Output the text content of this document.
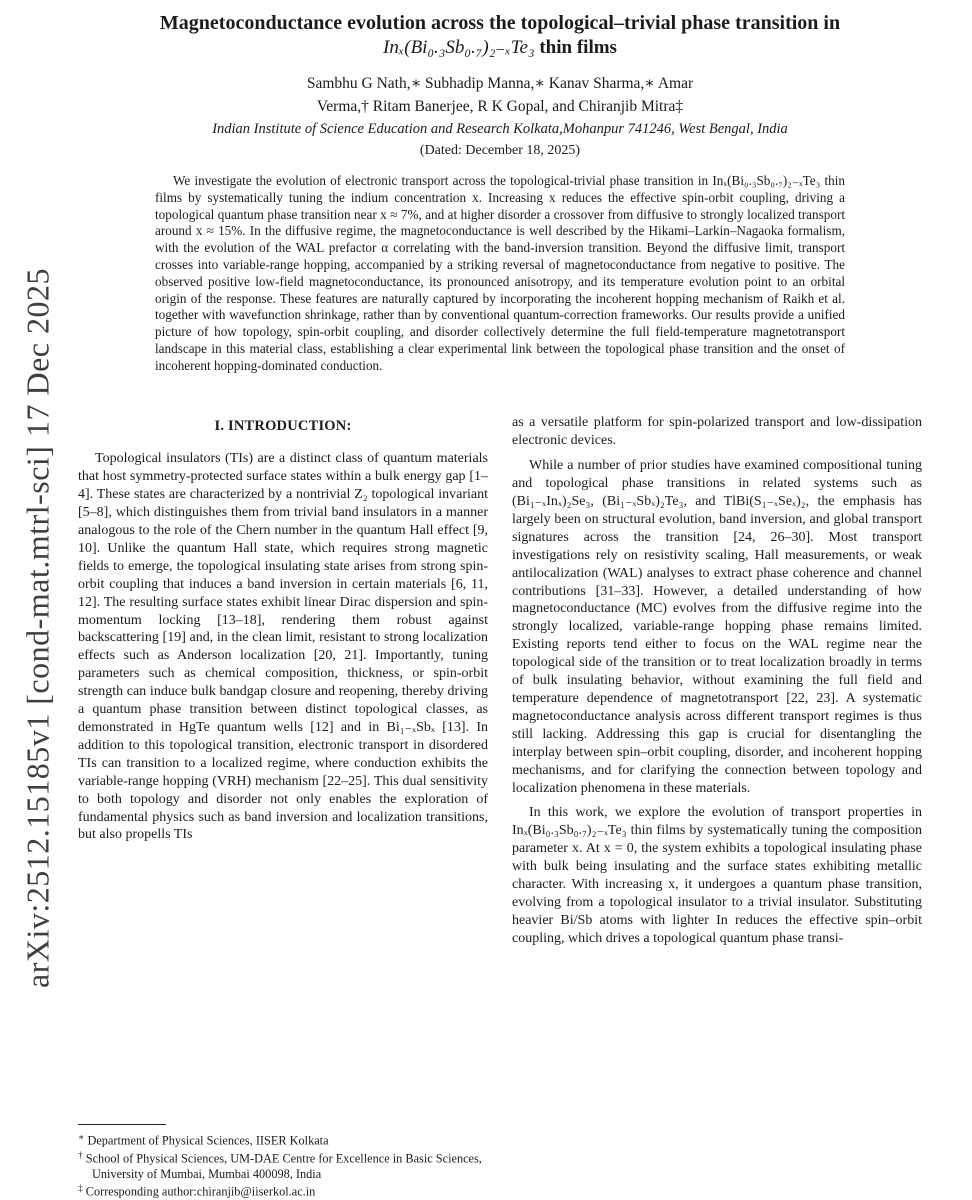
arXiv:2512.15185v1 [cond-mat.mtrl-sci] 17 Dec 2025
Magnetoconductance evolution across the topological–trivial phase transition in
Inₓ(Bi₀.₃Sb₀.₇)₂₋ₓTe₃ thin films
Sambhu G Nath,∗ Subhadip Manna,∗ Kanav Sharma,∗ Amar
Verma,† Ritam Banerjee, R K Gopal, and Chiranjib Mitra‡
Indian Institute of Science Education and Research Kolkata,Mohanpur 741246, West Bengal, India
(Dated: December 18, 2025)
We investigate the evolution of electronic transport across the topological-trivial phase transition in Inₓ(Bi₀.₃Sb₀.₇)₂₋ₓTe₃ thin films by systematically tuning the indium concentration x. Increasing x reduces the effective spin-orbit coupling, driving a topological quantum phase transition near x ≈ 7%, and at higher disorder a crossover from diffusive to strongly localized transport around x ≈ 15%. In the diffusive regime, the magnetoconductance is well described by the Hikami–Larkin–Nagaoka formalism, with the evolution of the WAL prefactor α correlating with the band-inversion transition. Beyond the diffusive limit, transport crosses into variable-range hopping, accompanied by a striking reversal of magnetoconductance from negative to positive. The observed positive low-field magnetoconductance, its pronounced anisotropy, and its temperature evolution point to an orbital origin of the response. These features are naturally captured by incorporating the incoherent hopping mechanism of Raikh et al. together with wavefunction shrinkage, rather than by conventional quantum-correction frameworks. Our results provide a unified picture of how topology, spin-orbit coupling, and disorder collectively determine the full field-temperature magnetotransport landscape in this material class, establishing a clear experimental link between the topological phase transition and the onset of incoherent hopping-dominated conduction.
I. INTRODUCTION:

Topological insulators (TIs) are a distinct class of quantum materials that host symmetry-protected surface states within a bulk energy gap [1–4]. These states are characterized by a nontrivial Z₂ topological invariant [5–8], which distinguishes them from trivial band insulators in a manner analogous to the role of the Chern number in the quantum Hall effect [9, 10]. Unlike the quantum Hall state, which requires strong magnetic fields to emerge, the topological insulating state arises from strong spin-orbit coupling that induces a band inversion in certain materials [6, 11, 12]. The resulting surface states exhibit linear Dirac dispersion and spin-momentum locking [13–18], rendering them robust against backscattering [19] and, in the clean limit, resistant to strong localization effects such as Anderson localization [20, 21]. Importantly, tuning parameters such as chemical composition, thickness, or spin-orbit strength can induce bulk bandgap closure and reopening, thereby driving a quantum phase transition between distinct topological classes, as demonstrated in HgTe quantum wells [12] and in Bi₁₋ₓSbₓ [13]. In addition to this topological transition, electronic transport in disordered TIs can transition to a localized regime, where conduction exhibits the variable-range hopping (VRH) mechanism [22–25]. This dual sensitivity to both topology and disorder not only enables the exploration of fundamental physics such as band inversion and localization transitions, but also propells TIs

as a versatile platform for spin-polarized transport and low-dissipation electronic devices.

While a number of prior studies have examined compositional tuning and topological phase transitions in related systems such as (Bi₁₋ₓInₓ)₂Se₃, (Bi₁₋ₓSbₓ)₂Te₃, and TlBi(S₁₋ₓSeₓ)₂, the emphasis has largely been on structural evolution, band inversion, and global transport signatures across the transition [24, 26–30]. Most transport investigations rely on resistivity scaling, Hall measurements, or weak antilocalization (WAL) analyses to extract phase coherence and channel contributions [31–33]. However, a detailed understanding of how magnetoconductance (MC) evolves from the diffusive regime into the strongly localized, variable-range hopping phase remains limited. Existing reports tend either to focus on the WAL regime near the topological side of the transition or to treat localization broadly in terms of bulk insulating behavior, without examining the full field and temperature dependence of magnetotransport [22, 23]. A systematic magnetoconductance analysis across different transport regimes is thus still lacking. Addressing this gap is crucial for disentangling the interplay between spin–orbit coupling, disorder, and incoherent hopping mechanisms, and for clarifying the connection between topology and localization phenomena in these materials.

In this work, we explore the evolution of transport properties in Inₓ(Bi₀.₃Sb₀.₇)₂₋ₓTe₃ thin films by systematically tuning the composition parameter x. At x = 0, the system exhibits a topological insulating phase with bulk being insulating and the surface states exhibiting metallic character. With increasing x, it undergoes a quantum phase transition, evolving from a topological insulator to a trivial insulator. Substituting heavier Bi/Sb atoms with lighter In reduces the effective spin–orbit coupling, which drives a topological quantum phase transi-

∗ Department of Physical Sciences, IISER Kolkata
† School of Physical Sciences, UM-DAE Centre for Excellence in Basic Sciences, University of Mumbai, Mumbai 400098, India
‡ Corresponding author:chiranjib@iiserkol.ac.in
